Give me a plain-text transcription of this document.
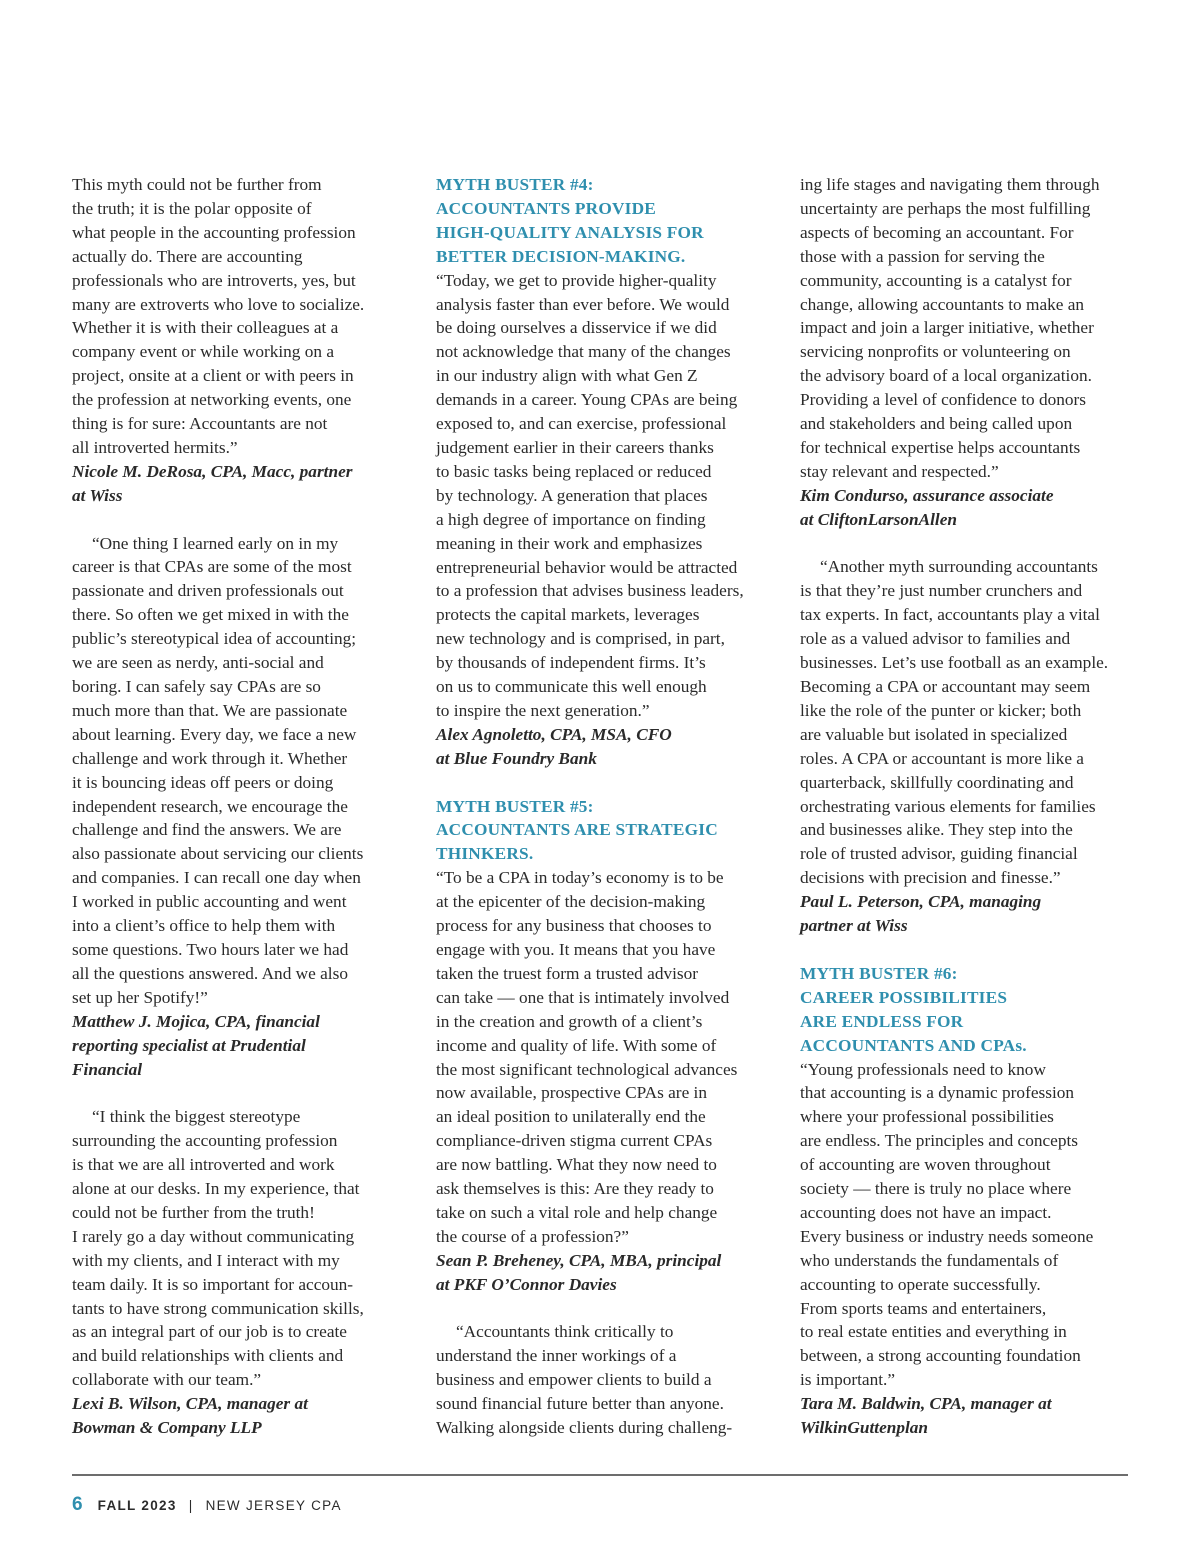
This myth could not be further from
the truth; it is the polar opposite of
what people in the accounting profession
actually do. There are accounting
professionals who are introverts, yes, but
many are extroverts who love to socialize.
Whether it is with their colleagues at a
company event or while working on a
project, onsite at a client or with peers in
the profession at networking events, one
thing is for sure: Accountants are not
all introverted hermits.”
Nicole M. DeRosa, CPA, Macc, partner
at Wiss
“One thing I learned early on in my
career is that CPAs are some of the most
passionate and driven professionals out
there. So often we get mixed in with the
public’s stereotypical idea of accounting;
we are seen as nerdy, anti-social and
boring. I can safely say CPAs are so
much more than that. We are passionate
about learning. Every day, we face a new
challenge and work through it. Whether
it is bouncing ideas off peers or doing
independent research, we encourage the
challenge and find the answers. We are
also passionate about servicing our clients
and companies. I can recall one day when
I worked in public accounting and went
into a client’s office to help them with
some questions. Two hours later we had
all the questions answered. And we also
set up her Spotify!”
Matthew J. Mojica, CPA, financial
reporting specialist at Prudential
Financial
“I think the biggest stereotype
surrounding the accounting profession
is that we are all introverted and work
alone at our desks. In my experience, that
could not be further from the truth!
I rarely go a day without communicating
with my clients, and I interact with my
team daily. It is so important for accoun-
tants to have strong communication skills,
as an integral part of our job is to create
and build relationships with clients and
collaborate with our team.”
Lexi B. Wilson, CPA, manager at
Bowman & Company LLP
MYTH BUSTER #4:
ACCOUNTANTS PROVIDE
HIGH-QUALITY ANALYSIS FOR
BETTER DECISION-MAKING.
“Today, we get to provide higher-quality
analysis faster than ever before. We would
be doing ourselves a disservice if we did
not acknowledge that many of the changes
in our industry align with what Gen Z
demands in a career. Young CPAs are being
exposed to, and can exercise, professional
judgement earlier in their careers thanks
to basic tasks being replaced or reduced
by technology. A generation that places
a high degree of importance on finding
meaning in their work and emphasizes
entrepreneurial behavior would be attracted
to a profession that advises business leaders,
protects the capital markets, leverages
new technology and is comprised, in part,
by thousands of independent firms. It’s
on us to communicate this well enough
to inspire the next generation.”
Alex Agnoletto, CPA, MSA, CFO
at Blue Foundry Bank
MYTH BUSTER #5:
ACCOUNTANTS ARE STRATEGIC
THINKERS.
“To be a CPA in today’s economy is to be
at the epicenter of the decision-making
process for any business that chooses to
engage with you. It means that you have
taken the truest form a trusted advisor
can take — one that is intimately involved
in the creation and growth of a client’s
income and quality of life. With some of
the most significant technological advances
now available, prospective CPAs are in
an ideal position to unilaterally end the
compliance-driven stigma current CPAs
are now battling. What they now need to
ask themselves is this: Are they ready to
take on such a vital role and help change
the course of a profession?”
Sean P. Breheney, CPA, MBA, principal
at PKF O’Connor Davies
“Accountants think critically to
understand the inner workings of a
business and empower clients to build a
sound financial future better than anyone.
Walking alongside clients during challeng-
ing life stages and navigating them through
uncertainty are perhaps the most fulfilling
aspects of becoming an accountant. For
those with a passion for serving the
community, accounting is a catalyst for
change, allowing accountants to make an
impact and join a larger initiative, whether
servicing nonprofits or volunteering on
the advisory board of a local organization.
Providing a level of confidence to donors
and stakeholders and being called upon
for technical expertise helps accountants
stay relevant and respected.”
Kim Condurso, assurance associate
at CliftonLarsonAllen
“Another myth surrounding accountants
is that they’re just number crunchers and
tax experts. In fact, accountants play a vital
role as a valued advisor to families and
businesses. Let’s use football as an example.
Becoming a CPA or accountant may seem
like the role of the punter or kicker; both
are valuable but isolated in specialized
roles. A CPA or accountant is more like a
quarterback, skillfully coordinating and
orchestrating various elements for families
and businesses alike. They step into the
role of trusted advisor, guiding financial
decisions with precision and finesse.”
Paul L. Peterson, CPA, managing
partner at Wiss
MYTH BUSTER #6:
CAREER POSSIBILITIES
ARE ENDLESS FOR
ACCOUNTANTS AND CPAs.
“Young professionals need to know
that accounting is a dynamic profession
where your professional possibilities
are endless. The principles and concepts
of accounting are woven throughout
society — there is truly no place where
accounting does not have an impact.
Every business or industry needs someone
who understands the fundamentals of
accounting to operate successfully.
From sports teams and entertainers,
to real estate entities and everything in
between, a strong accounting foundation
is important.”
Tara M. Baldwin, CPA, manager at
WilkinGuttenplan
6 FALL 2023 | NEW JERSEY CPA
